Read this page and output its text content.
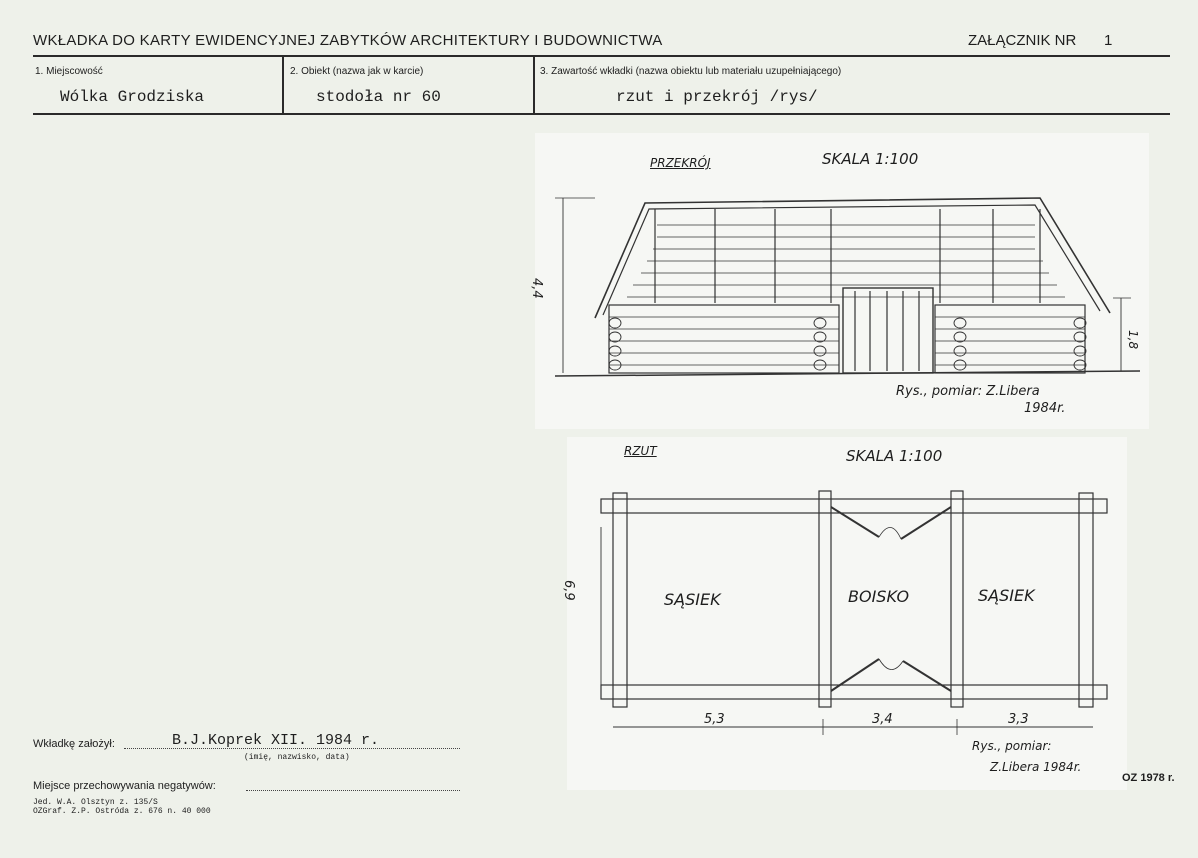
WKŁADKA DO KARTY EWIDENCYJNEJ ZABYTKÓW ARCHITEKTURY I BUDOWNICTWA	ZAŁĄCZNIK NR 1
1. Miejscowość
Wólka Grodziska
2. Obiekt (nazwa jak w karcie)
stodoła nr 60
3. Zawartość wkładki (nazwa obiektu lub materiału uzupełniającego)
rzut i przekrój /rys/
PRZEKRÓJ	SKALA 1:100
4,4
1,8
Rys., pomiar: Z.Libera
1984r.
RZUT	SKALA 1:100
SĄSIEK	BOISKO	SĄSIEK
6,9
5,3	3,4	3,3
Rys., pomiar:
Z.Libera 1984r.
Wkładkę założył:	B.J.Koprek XII. 1984 r.
(imię, nazwisko, data)
Miejsce przechowywania negatywów:
Jed. W.A. Olsztyn z. 135/S
OZGraf. Z.P. Ostróda z. 676 n. 40 000
OZ 1978 r.
